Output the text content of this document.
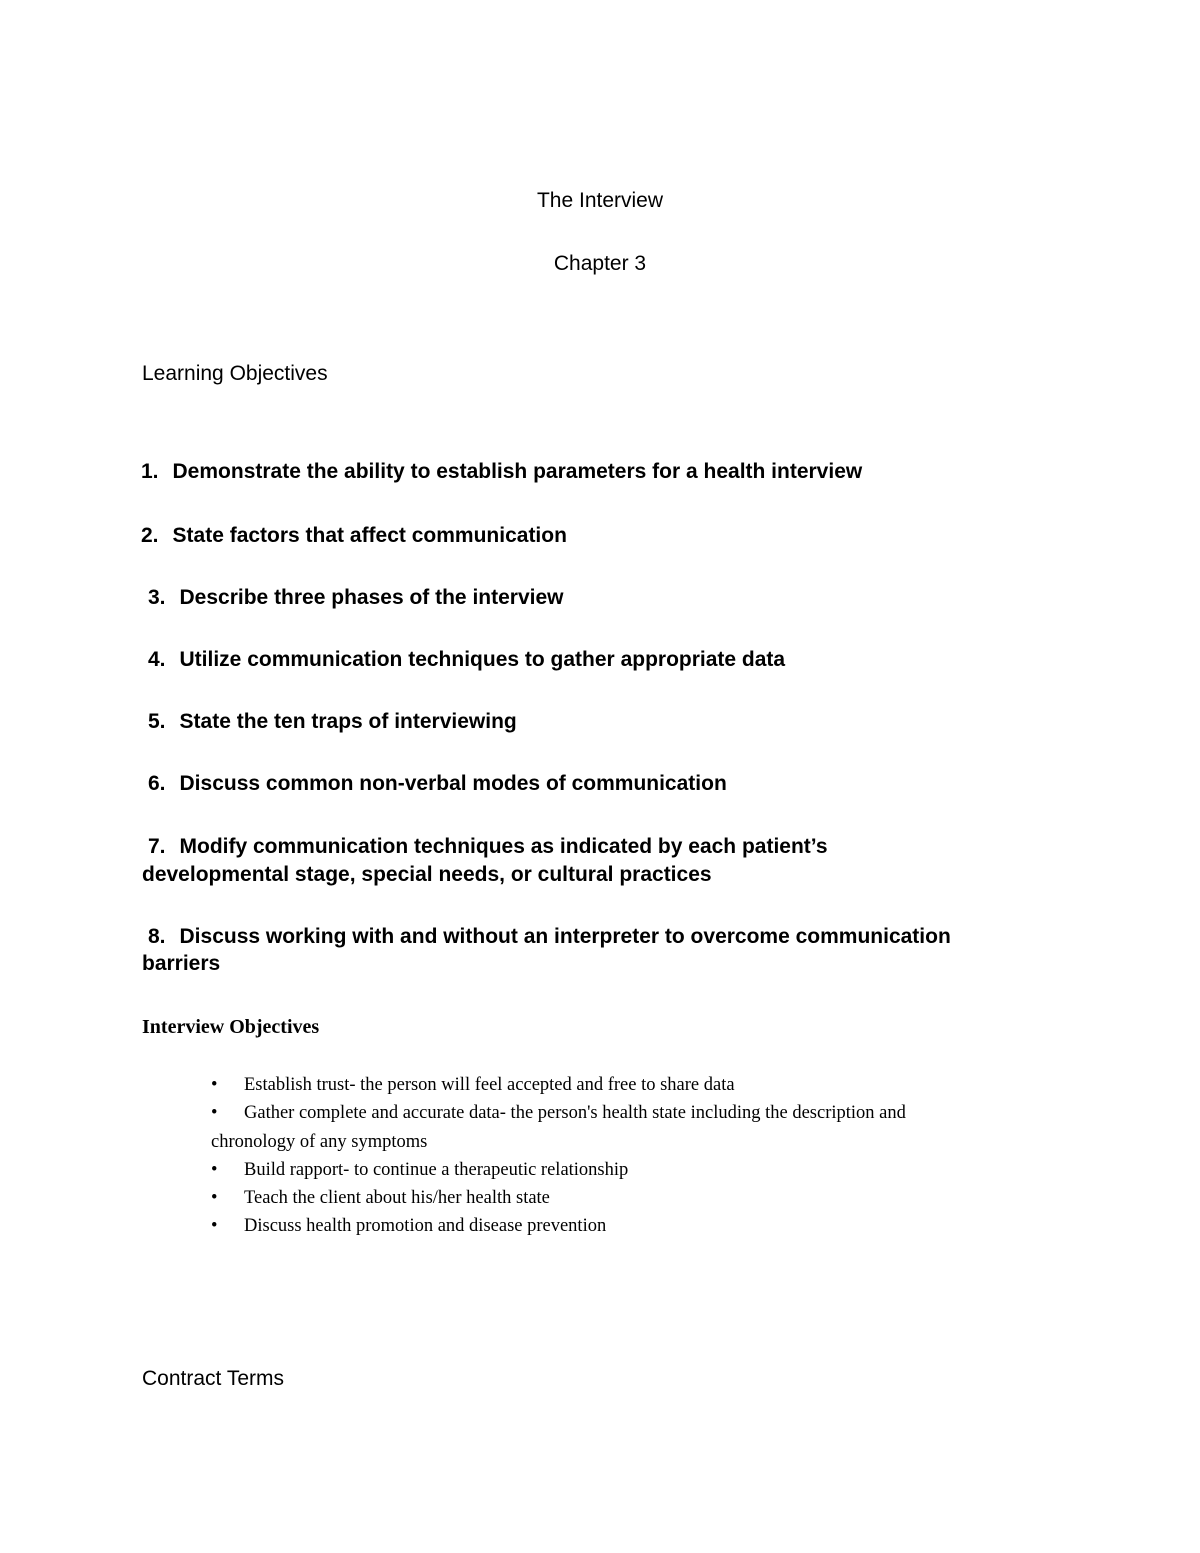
The Interview
Chapter 3
Learning Objectives
1. Demonstrate the ability to establish parameters for a health interview
2. State factors that affect communication
3. Describe three phases of the interview
4. Utilize communication techniques to gather appropriate data
5. State the ten traps of interviewing
6. Discuss common non-verbal modes of communication
7. Modify communication techniques as indicated by each patient’s
developmental stage, special needs, or cultural practices
8. Discuss working with and without an interpreter to overcome communication
barriers
Interview Objectives
• Establish trust- the person will feel accepted and free to share data
• Gather complete and accurate data- the person's health state including the description and
chronology of any symptoms
• Build rapport- to continue a therapeutic relationship
• Teach the client about his/her health state
• Discuss health promotion and disease prevention
Contract Terms
